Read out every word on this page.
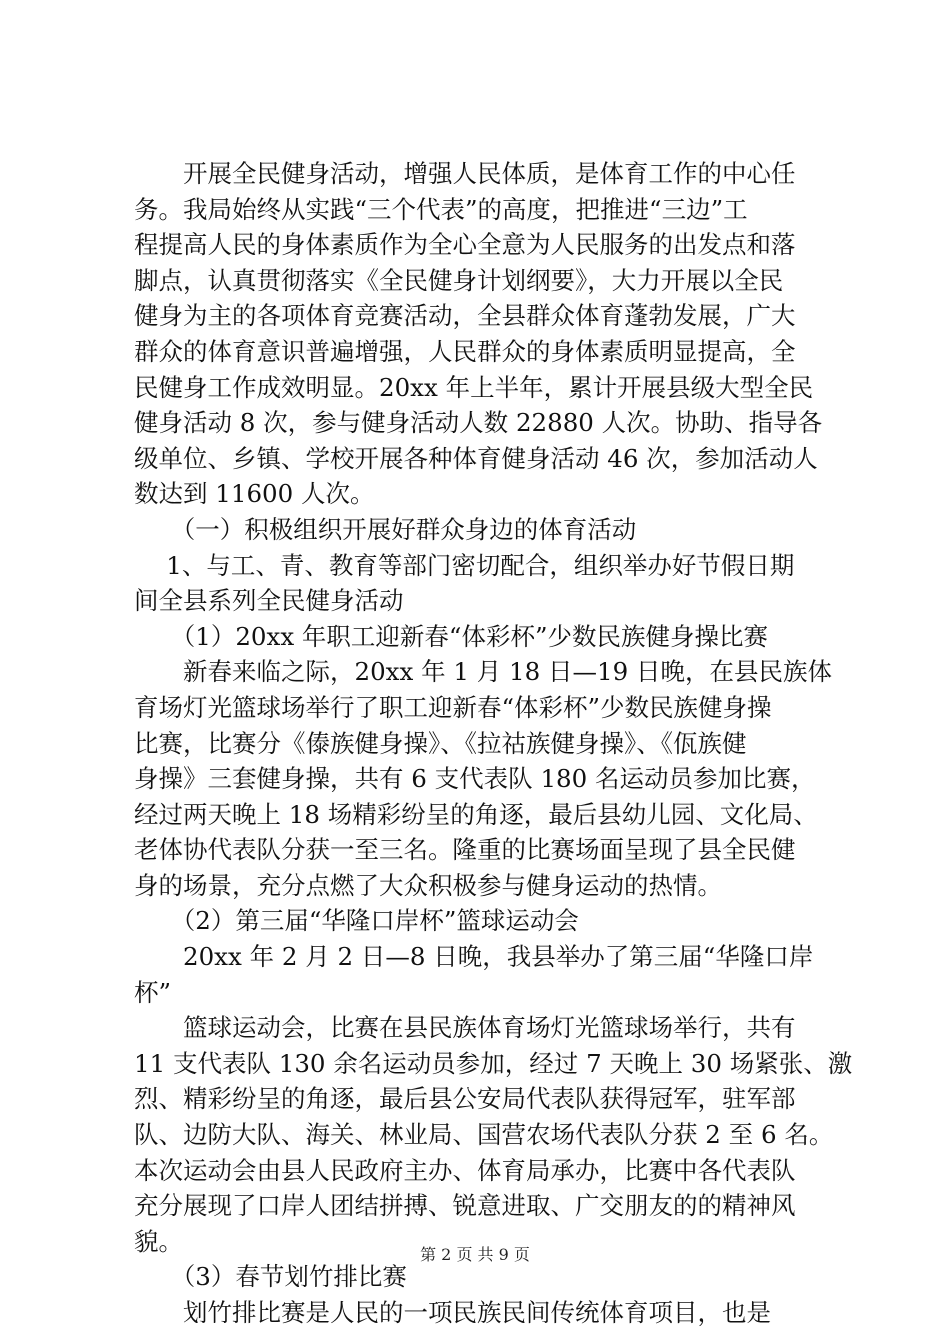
　　开展全民健身活动，增强人民体质，是体育工作的中心任
务。我局始终从实践“三个代表”的高度，把推进“三边”工
程提高人民的身体素质作为全心全意为人民服务的出发点和落
脚点，认真贯彻落实《全民健身计划纲要》，大力开展以全民
健身为主的各项体育竞赛活动，全县群众体育蓬勃发展，广大
群众的体育意识普遍增强，人民群众的身体素质明显提高，全
民健身工作成效明显。20xx 年上半年，累计开展县级大型全民
健身活动 8 次，参与健身活动人数 22880 人次。协助、指导各
级单位、乡镇、学校开展各种体育健身活动 46 次，参加活动人
数达到 11600 人次。
　　（一）积极组织开展好群众身边的体育活动
　 1、与工、青、教育等部门密切配合，组织举办好节假日期
间全县系列全民健身活动
　　（1）20xx 年职工迎新春“体彩杯”少数民族健身操比赛
　　新春来临之际，20xx 年 1 月 18 日—19 日晚，在县民族体
育场灯光篮球场举行了职工迎新春“体彩杯”少数民族健身操
比赛，比赛分《傣族健身操》、《拉祜族健身操》、《佤族健
身操》三套健身操，共有 6 支代表队 180 名运动员参加比赛，
经过两天晚上 18 场精彩纷呈的角逐，最后县幼儿园、文化局、
老体协代表队分获一至三名。隆重的比赛场面呈现了县全民健
身的场景，充分点燃了大众积极参与健身运动的热情。
　　（2）第三届“华隆口岸杯”篮球运动会
　　20xx 年 2 月 2 日—8 日晚，我县举办了第三届“华隆口岸
杯”
　　篮球运动会，比赛在县民族体育场灯光篮球场举行，共有
11 支代表队 130 余名运动员参加，经过 7 天晚上 30 场紧张、激
烈、精彩纷呈的角逐，最后县公安局代表队获得冠军，驻军部
队、边防大队、海关、林业局、国营农场代表队分获 2 至 6 名。
本次运动会由县人民政府主办、体育局承办，比赛中各代表队
充分展现了口岸人团结拼搏、锐意进取、广交朋友的的精神风
貌。
　　（3）春节划竹排比赛
　　划竹排比赛是人民的一项民族民间传统体育项目，也是
第 2 页 共 9 页
